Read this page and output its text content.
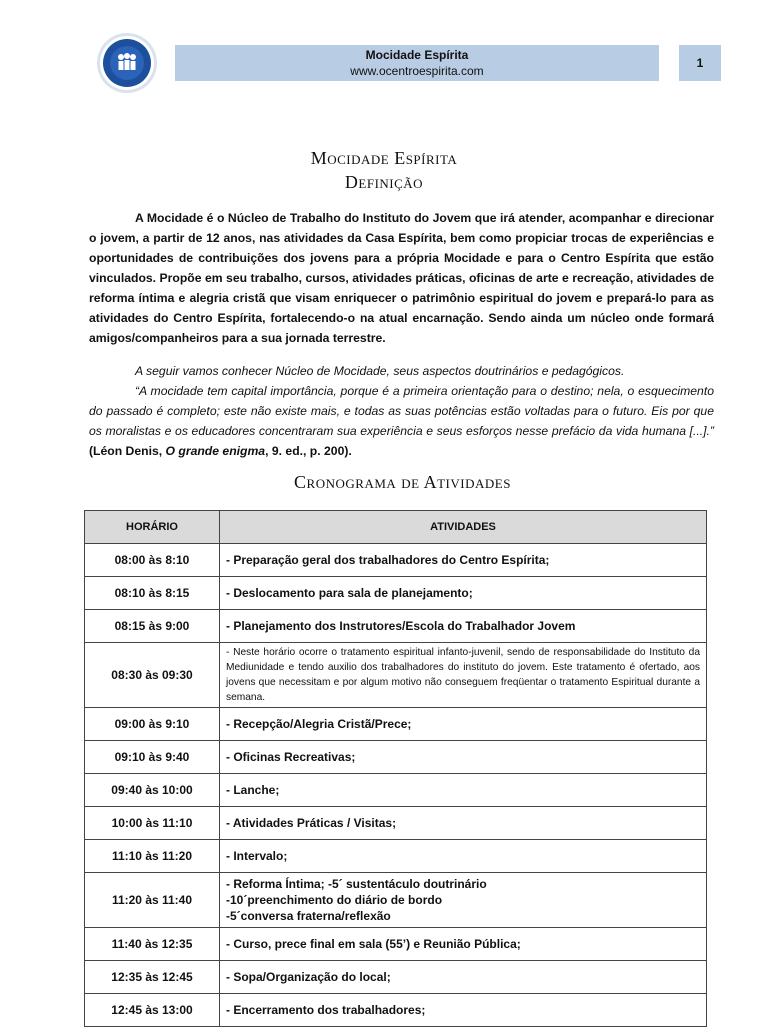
Mocidade Espírita
www.ocentroespirita.com
1
Mocidade Espírita
Definição
A Mocidade é o Núcleo de Trabalho do Instituto do Jovem que irá atender, acompanhar e direcionar o jovem, a partir de 12 anos, nas atividades da Casa Espírita, bem como propiciar trocas de experiências e oportunidades de contribuições dos jovens para a própria Mocidade e para o Centro Espírita que estão vinculados. Propõe em seu trabalho, cursos, atividades práticas, oficinas de arte e recreação, atividades de reforma íntima e alegria cristã que visam enriquecer o patrimônio espiritual do jovem e prepará-lo para as atividades do Centro Espírita, fortalecendo-o na atual encarnação. Sendo ainda um núcleo onde formará amigos/companheiros para a sua jornada terrestre.
A seguir vamos conhecer Núcleo de Mocidade, seus aspectos doutrinários e pedagógicos.
“A mocidade tem capital importância, porque é a primeira orientação para o destino; nela, o esquecimento do passado é completo; este não existe mais, e todas as suas potências estão voltadas para o futuro. Eis por que os moralistas e os educadores concentraram sua experiência e seus esforços nesse prefácio da vida humana [...].” (Léon Denis, O grande enigma, 9. ed., p. 200).
Cronograma de Atividades
HORÁRIO	ATIVIDADES
08:00 às 8:10	- Preparação geral dos trabalhadores do Centro Espírita;
08:10 às 8:15	- Deslocamento para sala de planejamento;
08:15 às 9:00	- Planejamento dos Instrutores/Escola do Trabalhador Jovem
08:30 às 09:30	- Neste horário ocorre o tratamento espiritual infanto-juvenil, sendo de responsabilidade do Instituto da Mediunidade e tendo auxilio dos trabalhadores do instituto do jovem. Este tratamento é ofertado, aos jovens que necessitam e por algum motivo não conseguem freqüentar o tratamento Espiritual durante a semana.
09:00 às 9:10	- Recepção/Alegria Cristã/Prece;
09:10 às 9:40	- Oficinas Recreativas;
09:40 às 10:00	- Lanche;
10:00 às 11:10	- Atividades Práticas / Visitas;
11:10 às 11:20	- Intervalo;
11:20 às 11:40	- Reforma Íntima; -5´ sustentáculo doutrinário
-10´preenchimento do diário de bordo
-5´conversa fraterna/reflexão

11:40 às 12:35	- Curso, prece final em sala (55’) e Reunião Pública;
12:35 às 12:45	- Sopa/Organização do local;
12:45 às 13:00	- Encerramento dos trabalhadores;
